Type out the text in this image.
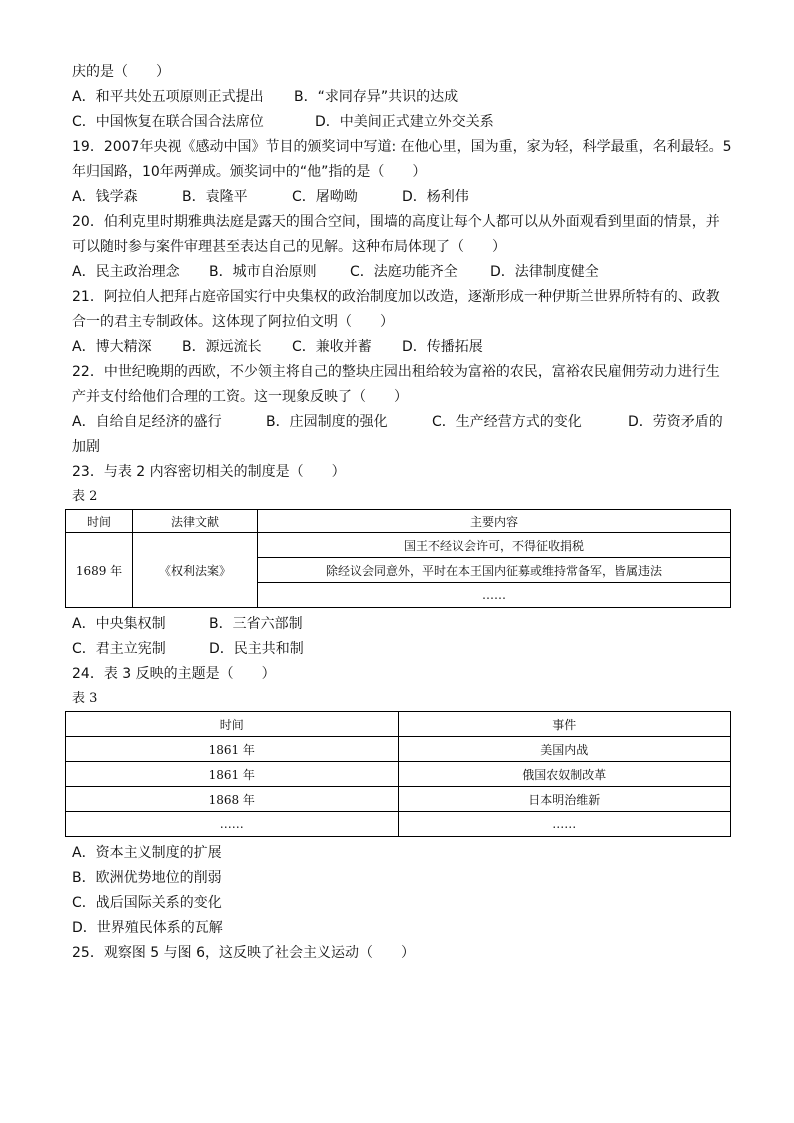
庆的是（　　）
A．和平共处五项原则正式提出	B．“求同存异”共识的达成
C．中国恢复在联合国合法席位	D．中美间正式建立外交关系
19．2007年央视《感动中国》节目的颁奖词中写道: 在他心里，国为重，家为轻，科学最重，名利最轻。5
年归国路，10年两弹成。颁奖词中的“他”指的是（　　）
A．钱学森	B．袁隆平	C．屠呦呦	D．杨利伟
20．伯利克里时期雅典法庭是露天的围合空间，围墙的高度让每个人都可以从外面观看到里面的情景，并
可以随时参与案件审理甚至表达自己的见解。这种布局体现了（　　）
A．民主政治理念	B．城市自治原则	C．法庭功能齐全	D．法律制度健全
21．阿拉伯人把拜占庭帝国实行中央集权的政治制度加以改造，逐渐形成一种伊斯兰世界所特有的、政教
合一的君主专制政体。这体现了阿拉伯文明（　　）
A．博大精深	B．源远流长	C．兼收并蓄	D．传播拓展
22．中世纪晚期的西欧，不少领主将自己的整块庄园出租给较为富裕的农民，富裕农民雇佣劳动力进行生
产并支付给他们合理的工资。这一现象反映了（　　）
A．自给自足经济的盛行	B．庄园制度的强化	C．生产经营方式的变化	D．劳资矛盾的
加剧
23．与表 2 内容密切相关的制度是（　　）
表 2
时间	法律文献	主要内容
1689 年	《权利法案》	国王不经议会许可，不得征收捐税
		除经议会同意外，平时在本王国内征募或维持常备军，皆属违法
		……
A．中央集权制	B．三省六部制
C．君主立宪制	D．民主共和制
24．表 3 反映的主题是（　　）
表 3
时间	事件
1861 年	美国内战
1861 年	俄国农奴制改革
1868 年	日本明治维新
……	……
A．资本主义制度的扩展
B．欧洲优势地位的削弱
C．战后国际关系的变化
D．世界殖民体系的瓦解
25．观察图 5 与图 6，这反映了社会主义运动（　　）
